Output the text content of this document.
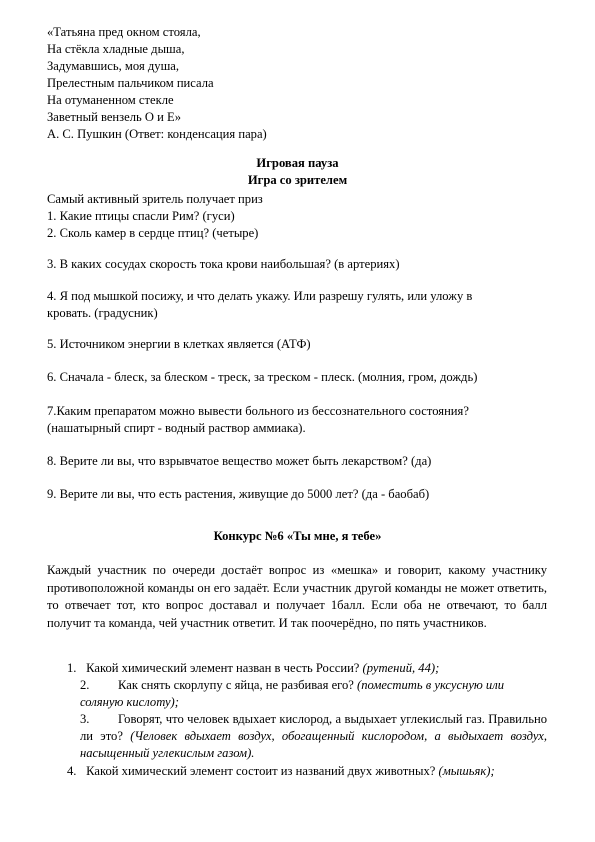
«Татьяна пред окном стояла,
На стёкла хладные дыша,
Задумавшись, моя душа,
Прелестным пальчиком писала
На отуманенном стекле
Заветный вензель О и Е»
А. С. Пушкин (Ответ: конденсация пара)
Игровая пауза
Игра со зрителем
Самый активный зритель получает приз
1. Какие птицы спасли Рим? (гуси)
2. Сколь камер в сердце птиц? (четыре)
3. В каких сосудах скорость тока крови наибольшая? (в артериях)
4. Я под мышкой посижу, и что делать укажу. Или разрешу гулять, или уложу в
кровать. (градусник)
5. Источником энергии в клетках является (АТФ)
6. Сначала - блеск, за блеском - треск, за треском - плеск. (молния, гром, дождь)
7.Каким препаратом можно вывести больного из бессознательного состояния?
(нашатырный спирт - водный раствор аммиака).
8. Верите ли вы, что взрывчатое вещество может быть лекарством? (да)
9. Верите ли вы, что есть растения, живущие до 5000 лет? (да - баобаб)
Конкурс №6 «Ты мне, я тебе»
Каждый участник по очереди достаёт вопрос из «мешка» и говорит, какому участнику противоположной команды он его задаёт. Если участник другой команды не может ответить, то отвечает тот, кто вопрос доставал и получает 1балл. Если оба не отвечают, то балл получит та команда, чей участник ответит. И так поочерёдно, по пять участников.
1. Какой химический элемент назван в честь России? (рутений, 44);
2. Как снять скорлупу с яйца, не разбивая его? (поместить в уксусную или соляную кислоту);
3. Говорят, что человек вдыхает кислород, а выдыхает углекислый газ. Правильно ли это? (Человек вдыхает воздух, обогащенный кислородом, а выдыхает воздух, насыщенный углекислым газом).
4. Какой химический элемент состоит из названий двух животных? (мышьяк);
